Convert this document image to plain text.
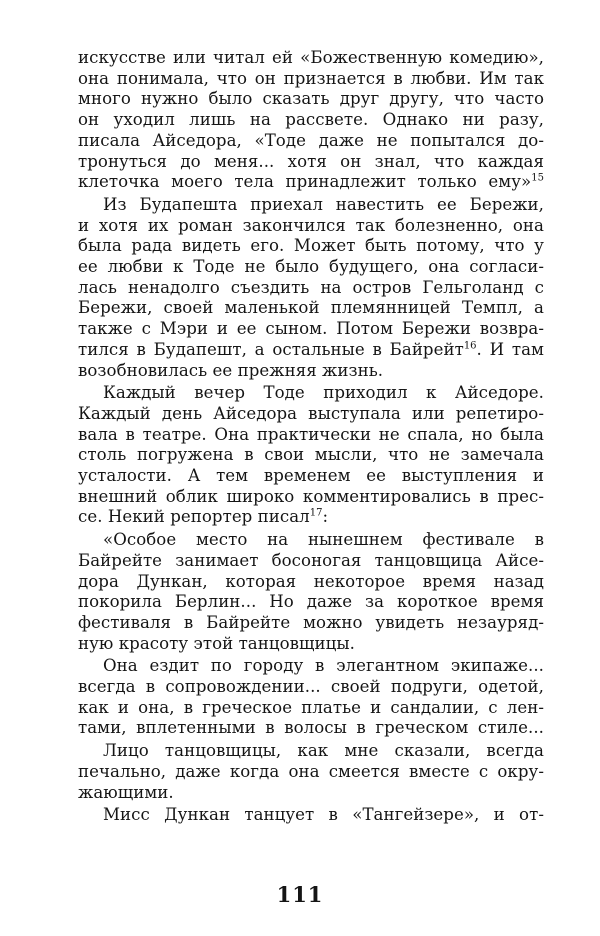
искусстве или читал ей «Божественную комедию»,
она понимала, что он признается в любви. Им так
много нужно было сказать друг другу, что часто
он уходил лишь на рассвете. Однако ни разу,
писала Айседора, «Тоде даже не попытался до-
тронуться до меня... хотя он знал, что каждая
клеточка моего тела принадлежит только ему»$^{15}$
Из Будапешта приехал навестить ее Бережи,
и хотя их роман закончился так болезненно, она
была рада видеть его. Может быть потому, что у
ее любви к Тоде не было будущего, она согласи-
лась ненадолго съездить на остров Гельголанд с
Бережи, своей маленькой племянницей Темпл, а
также с Мэри и ее сыном. Потом Бережи возвра-
тился в Будапешт, а остальные в Байрейт$^{16}$. И там
возобновилась ее прежняя жизнь.
Каждый вечер Тоде приходил к Айседоре.
Каждый день Айседора выступала или репетиро-
вала в театре. Она практически не спала, но была
столь погружена в свои мысли, что не замечала
усталости. А тем временем ее выступления и
внешний облик широко комментировались в прес-
се. Некий репортер писал$^{17}$:
«Особое место на нынешнем фестивале в
Байрейте занимает босоногая танцовщица Айсе-
дора Дункан, которая некоторое время назад
покорила Берлин... Но даже за короткое время
фестиваля в Байрейте можно увидеть незауряд-
ную красоту этой танцовщицы.
Она ездит по городу в элегантном экипаже...
всегда в сопровождении... своей подруги, одетой,
как и она, в греческое платье и сандалии, с лен-
тами, вплетенными в волосы в греческом стиле...
Лицо танцовщицы, как мне сказали, всегда
печально, даже когда она смеется вместе с окру-
жающими.
Мисс Дункан танцует в «Тангейзере», и от-
111
